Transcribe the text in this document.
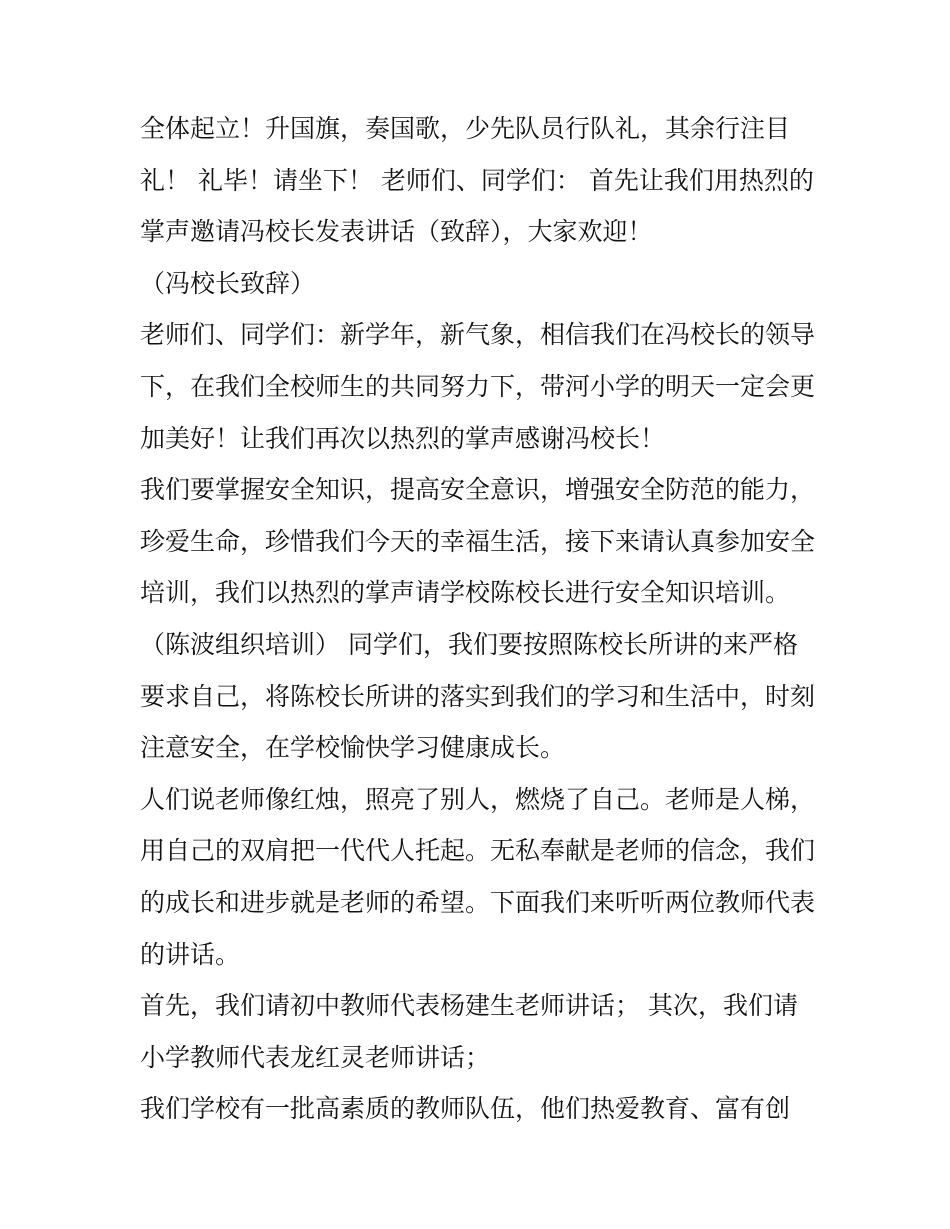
全体起立！升国旗，奏国歌，少先队员行队礼，其余行注目
礼！ 礼毕！请坐下！ 老师们、同学们： 首先让我们用热烈的
掌声邀请冯校长发表讲话（致辞），大家欢迎！
（冯校长致辞）
老师们、同学们：新学年，新气象，相信我们在冯校长的领导
下，在我们全校师生的共同努力下，带河小学的明天一定会更
加美好！让我们再次以热烈的掌声感谢冯校长！
我们要掌握安全知识，提高安全意识，增强安全防范的能力，
珍爱生命，珍惜我们今天的幸福生活，接下来请认真参加安全
培训，我们以热烈的掌声请学校陈校长进行安全知识培训。
（陈波组织培训） 同学们，我们要按照陈校长所讲的来严格
要求自己，将陈校长所讲的落实到我们的学习和生活中，时刻
注意安全，在学校愉快学习健康成长。
人们说老师像红烛，照亮了别人，燃烧了自己。老师是人梯，
用自己的双肩把一代代人托起。无私奉献是老师的信念，我们
的成长和进步就是老师的希望。下面我们来听听两位教师代表
的讲话。
首先，我们请初中教师代表杨建生老师讲话； 其次，我们请
小学教师代表龙红灵老师讲话；
我们学校有一批高素质的教师队伍，他们热爱教育、富有创
